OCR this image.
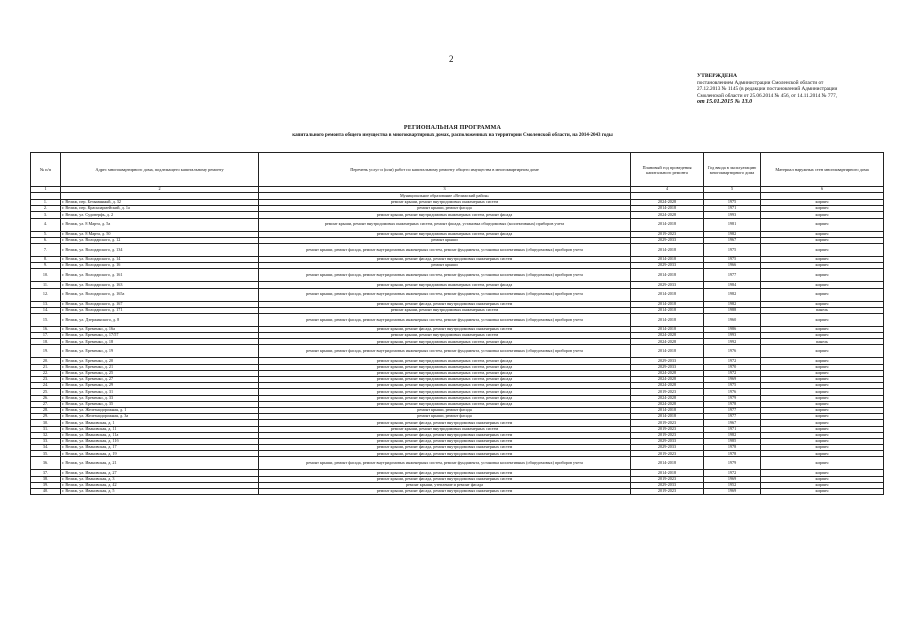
2
УТВЕРЖДЕНА
постановлением Администрации Смоленской области от
27.12.2013 № 1145 (в редакции постановлений Администрации
Смоленской области от 25.06.2014 № 456, от 14.11.2014 № 777,
от 15.01.2015 № 13.0
РЕГИОНАЛЬНАЯ ПРОГРАММА
капитального ремонта общего имущества в многоквартирных домах, расположенных на территории Смоленской области, на 2014-2043 годы
№ п/п	Адрес многоквартирного дома, подлежащего капитальному ремонту	Перечень услуг и (или) работ по капитальному ремонту общего имущества в многоквартирном доме	Плановый год проведения капитального ремонта	Год ввода в эксплуатацию многоквартирного дома	Материал наружных стен многоквартирного дома
1	2	3	4	5	6
		Муниципальное образование «Велижский район»			
1.	г. Велиж, пер. Безымянный, д. 32	ремонт крыши, ремонт внутридомовых инженерных систем	2024-2028	1975	кирпич
2.	г. Велиж, пер. Красноармейский, д. 1а	ремонт крыши, ремонт фасада	2014-2018	1971	кирпич
3.	г. Велиж, ул. Судоверфь, д. 2	ремонт крыши, ремонт внутридомовых инженерных систем, ремонт фасада	2024-2028	1993	кирпич
4.	г. Велиж, ул. 8 Марта, д. 5а	ремонт крыши, ремонт внутридомовых инженерных систем, ремонт фасада, установка общедомовых (коллективных) приборов учета	2014-2018	1981	кирпич
5.	г. Велиж, ул. 8 Марта, д. 50	ремонт крыши, ремонт внутридомовых инженерных систем, ремонт фасада	2019-2023	1982	кирпич
6.	г. Велиж, ул. Володарского, д. 12	ремонт крыши	2029-2033	1967	кирпич
7.	г. Велиж, ул. Володарского, д. 134	ремонт крыши, ремонт фасада, ремонт внутридомовых инженерных систем, ремонт фундамента, установка коллективных (общедомовых) приборов учета	2014-2018	1975	кирпич
8.	г. Велиж, ул. Володарского, д. 14	ремонт крыши, ремонт фасада, ремонт внутридомовых инженерных систем	2014-2018	1975	кирпич
9.	г. Велиж, ул. Володарского, д. 16	ремонт крыши	2029-2033	1966	кирпич
10.	г. Велиж, ул. Володарского, д. 161	ремонт крыши, ремонт фасада, ремонт внутридомовых инженерных систем, ремонт фундамента, установка коллективных (общедомовых) приборов учета	2014-2018	1977	кирпич
11.	г. Велиж, ул. Володарского, д. 163	ремонт крыши, ремонт внутридомовых инженерных систем, ремонт фасада	2029-2033	1984	кирпич
12.	г. Велиж, ул. Володарского, д. 165а	ремонт крыши, ремонт фасада, ремонт внутридомовых инженерных систем, ремонт фундамента, установка коллективных (общедомовых) приборов учета	2014-2018	1982	кирпич
13.	г. Велиж, ул. Володарского, д. 167	ремонт крыши, ремонт фасада, ремонт внутридомовых инженерных систем	2014-2018	1982	кирпич
14.	г. Велиж, ул. Володарского, д. 171	ремонт крыши, ремонт внутридомовых инженерных систем	2014-2018	1988	панель
15.	г. Велиж, ул. Дзержинского, д. 8	ремонт крыши, ремонт фасада, ремонт внутридомовых инженерных систем, ремонт фундамента, установка коллективных (общедомовых) приборов учета	2014-2018	1960	кирпич
16.	г. Велиж, ул. Еременко, д. 16а	ремонт крыши, ремонт фасада, ремонт внутридомовых инженерных систем	2014-2018	1986	кирпич
17.	г. Велиж, ул. Еременко, д. 17/57	ремонт крыши, ремонт внутридомовых инженерных систем	2024-2028	1993	кирпич
18.	г. Велиж, ул. Еременко, д. 18	ремонт крыши, ремонт внутридомовых инженерных систем, ремонт фасада	2024-2028	1992	панель
19.	г. Велиж, ул. Еременко, д. 19	ремонт крыши, ремонт фасада, ремонт внутридомовых инженерных систем, ремонт фундамента, установка коллективных (общедомовых) приборов учета	2014-2018	1976	кирпич
20.	г. Велиж, ул. Еременко, д. 20	ремонт крыши, ремонт внутридомовых инженерных систем, ремонт фасада	2029-2033	1972	кирпич
21.	г. Велиж, ул. Еременко, д. 21	ремонт крыши, ремонт внутридомовых инженерных систем, ремонт фасада	2029-2033	1970	кирпич
22.	г. Велиж, ул. Еременко, д. 25	ремонт крыши, ремонт внутридомовых инженерных систем, ремонт фасада	2024-2028	1972	кирпич
23.	г. Велиж, ул. Еременко, д. 27	ремонт крыши, ремонт внутридомовых инженерных систем, ремонт фасада	2024-2028	1969	кирпич
24.	г. Велиж, ул. Еременко, д. 29	ремонт крыши, ремонт внутридомовых инженерных систем, ремонт фасада	2024-2028	1975	кирпич
25.	г. Велиж, ул. Еременко, д. 31	ремонт крыши, ремонт внутридомовых инженерных систем, ремонт фасада	2019-2023	1976	кирпич
26.	г. Велиж, ул. Еременко, д. 33	ремонт крыши, ремонт внутридомовых инженерных систем, ремонт фасада	2024-2028	1979	кирпич
27.	г. Велиж, ул. Еременко, д. 35	ремонт крыши, ремонт внутридомовых инженерных систем, ремонт фасада	2024-2028	1978	кирпич
28.	г. Велиж, ул. Железнодорожная, д. 1	ремонт крыши, ремонт фасада	2014-2018	1977	кирпич
29.	г. Велиж, ул. Железнодорожная, д. 3а	ремонт крыши, ремонт фасада	2014-2018	1977	кирпич
30.	г. Велиж, ул. Ивановская, д. 1	ремонт крыши, ремонт фасада, ремонт внутридомовых инженерных систем	2019-2023	1967	кирпич
31.	г. Велиж, ул. Ивановская, д. 11	ремонт крыши, ремонт внутридомовых инженерных систем	2019-2023	1971	кирпич
32.	г. Велиж, ул. Ивановская, д. 11а	ремонт крыши, ремонт фасада, ремонт внутридомовых инженерных систем	2019-2023	1982	кирпич
33.	г. Велиж, ул. Ивановская, д. 11б	ремонт крыши, ремонт фасада, ремонт внутридомовых инженерных систем	2029-2033	1985	кирпич
34.	г. Велиж, ул. Ивановская, д. 17	ремонт крыши, ремонт фасада, ремонт внутридомовых инженерных систем	2029-2033	1978	кирпич
35.	г. Велиж, ул. Ивановская, д. 19	ремонт крыши, ремонт фасада, ремонт внутридомовых инженерных систем	2019-2023	1978	кирпич
36.	г. Велиж, ул. Ивановская, д. 21	ремонт крыши, ремонт фасада, ремонт внутридомовых инженерных систем, ремонт фундамента, установка коллективных (общедомовых) приборов учета	2014-2018	1979	кирпич
37.	г. Велиж, ул. Ивановская, д. 27	ремонт крыши, ремонт фасада, ремонт внутридомовых инженерных систем	2014-2018	1972	кирпич
38.	г. Велиж, ул. Ивановская, д. 3	ремонт крыши, ремонт фасада, ремонт внутридомовых инженерных систем	2019-2023	1969	кирпич
39.	г. Велиж, ул. Ивановская, д. 42	ремонт крыши, утепление и ремонт фасада	2029-2033	1952	кирпич
40.	г. Велиж, ул. Ивановская, д. 5	ремонт крыши, ремонт фасада, ремонт внутридомовых инженерных систем	2019-2023	1969	кирпич
